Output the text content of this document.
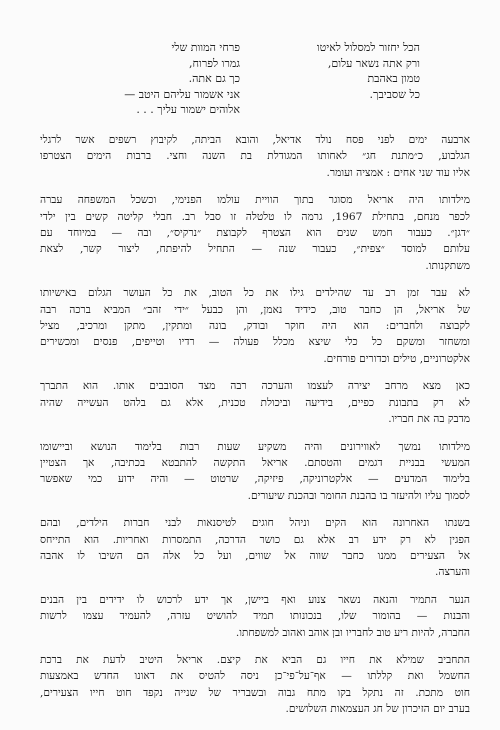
הכל יחזור למסלול לאיטו
ורק אתה נשאר עלום,
טמון באהבת
כל שסביבך.
פרחי המוות שלי
גמרו לפרוח,
כך גם אתה.
אני אשמור עליהם היטב —
אלוהים ישמור עליך . . .
ארבעה ימים לפני פסח נולד אדיאל, והובא הביתה, לקיבוץ רשפים אשר לרגלי
הגלבוע, כ״מתנת חג״ לאחותו המגודלת בת השנה וחצי. ברבות הימים הצטרפו
אליו עוד שני אחים : אמציה ועומר.
מילדותו היה אריאל מסוגר בתוך הוויית עולמו הפנימי, וכשכל המשפחה עברה
לכפר מנחם, בתחילת 1967, גרמה לו טלטלה זו סבל רב. חבלי קליטה קשים בין ילדי
״דגן״. כעבור חמש שנים הוא הצטרף לקבוצת ״נרקיס״, ובה — במיוחד עם
עלותם למוסד ״צפית״, כעבור שנה — התחיל להיפתח, ליצור קשר, לצאת
משתקנותו.
לא עבר זמן רב עד שהילדים גילו את כל הטוב, את כל העושר הגלום באישיותו
של אריאל, הן כחבר טוב, כידיד נאמן, והן כבעל ״ידי זהב״ המביא ברכה רבה
לקבוצה ולחברים: הוא היה חוקר ובודק, בונה ומתקין, מתקן ומרכיב, מציל
ומשחזר ומשקם כל כלי שיצא מכלל פעולה — רדיו וטייפים, פנסים ומכשירים
אלקטרוניים, טילים וכדורים פורחים.
כאן מצא מרחב יצירה לעצמו והערכה רבה מצד הסובבים אותו. הוא התברך
לא רק בתבונת כפיים, בידיעה וביכולת טכנית, אלא גם בלהט העשייה שהיה
מדבק בה את חבריו.
מילדותו נמשך לאווירונים והיה משקיע שעות רבות בלימוד הנושא וביישומו
המעשי בבניית דגמים והטסתם. אריאל התקשה להתבטא בכתיבה, אך הצטיין
בלימוד המדעים — אלקטרוניקה, פיזיקה, שרטוט — והיה ידוע כמי שאפשר
לסמוך עליו ולהיעזר בו בהבנת החומר ובהכנת שיעורים.
בשנתו האחרונה הוא הקים וניהל חוגים לטיסנאות לבני חברות הילדים, ובהם
הפגין לא רק ידע רב אלא גם כושר הדרכה, התמסרות ואחריות. הוא התייחס
אל הצעירים ממנו כחבר שווה אל שווים, ועל כל אלה הם השיבו לו אהבה
והערצה.
הנער התמיר והנאה נשאר צנוע ואף ביישן, אך ידע לרכוש לו ידידים בין הבנים
והבנות — בהומור שלו, בנכונותו תמיד להושיט עזרה, להעמיד עצמו לרשות
החברה, להיות ריע טוב לחבריו ובן אוהב ואהוב למשפחתו.
התחביב שמילא את חייו גם הביא את קיצם. אריאל היטיב לדעת את ברכת
החשמל ואת קללתו — אף־על־פי־כן ניסה להטיס את דאונו החדש באמצעות
חוט מתכת. זה נתקל בקו מתח גבוה ובשבריר של שנייה נקפד חוט חייו הצעירים,
בערב יום הזיכרון של חג העצמאות השלושים.
